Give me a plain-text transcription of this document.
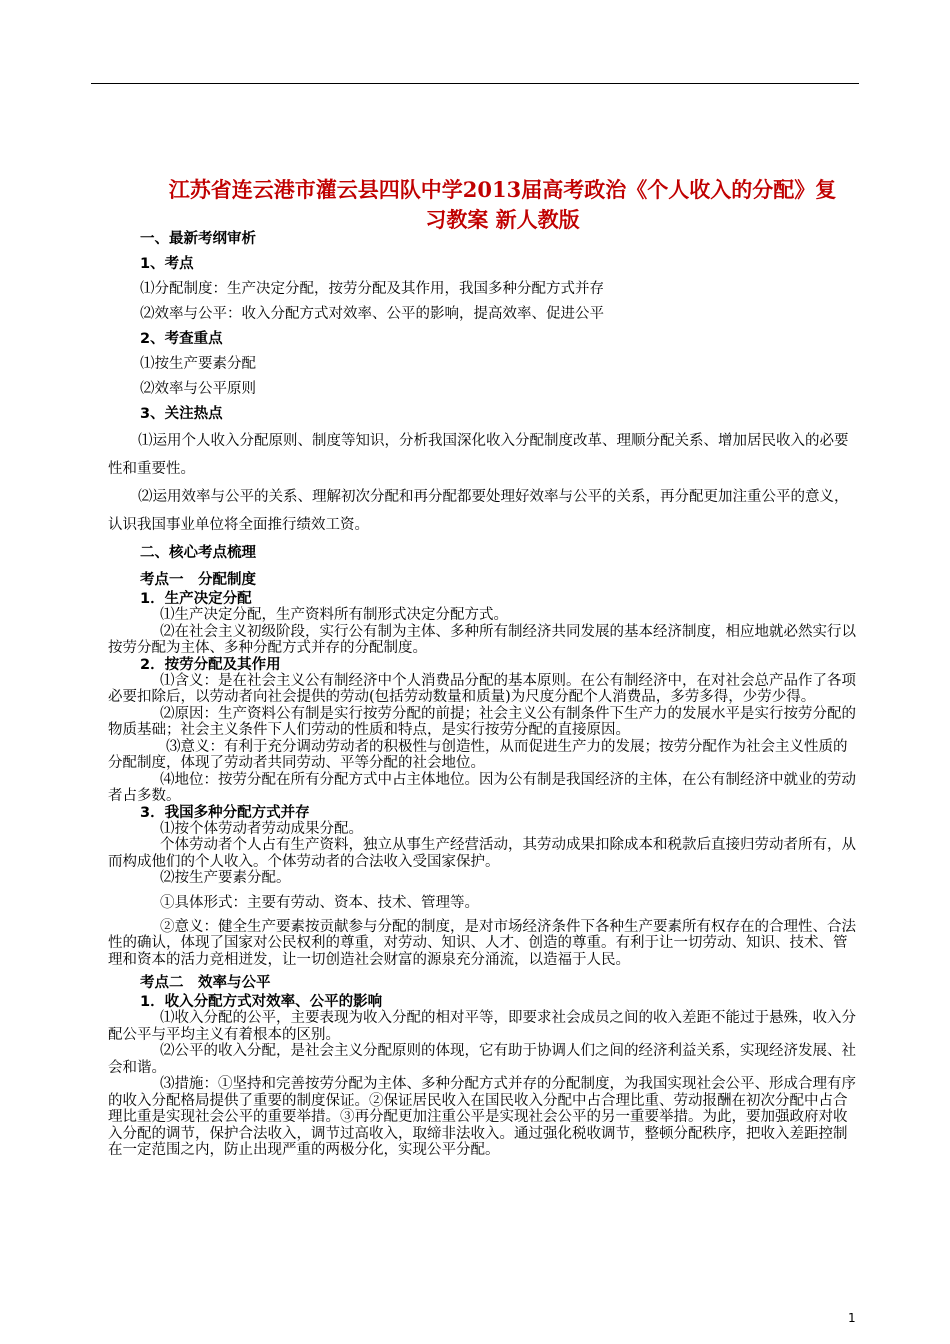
江苏省连云港市灌云县四队中学2013届高考政治《个人收入的分配》复
习教案 新人教版

一、最新考纲审析

1、考点

⑴分配制度：生产决定分配，按劳分配及其作用，我国多种分配方式并存

⑵效率与公平：收入分配方式对效率、公平的影响，提高效率、促进公平

2、考查重点

⑴按生产要素分配

⑵效率与公平原则

3、关注热点

⑴运用个人收入分配原则、制度等知识，分析我国深化收入分配制度改革、理顺分配关系、增加居民收入的必要性和重要性。

⑵运用效率与公平的关系、理解初次分配和再分配都要处理好效率与公平的关系，再分配更加注重公平的意义，认识我国事业单位将全面推行绩效工资。

二、核心考点梳理

考点一　分配制度

1．生产决定分配

⑴生产决定分配，生产资料所有制形式决定分配方式。

⑵在社会主义初级阶段，实行公有制为主体、多种所有制经济共同发展的基本经济制度，相应地就必然实行以按劳分配为主体、多种分配方式并存的分配制度。

2．按劳分配及其作用

⑴含义：是在社会主义公有制经济中个人消费品分配的基本原则。在公有制经济中，在对社会总产品作了各项必要扣除后，以劳动者向社会提供的劳动(包括劳动数量和质量)为尺度分配个人消费品，多劳多得，少劳少得。

⑵原因：生产资料公有制是实行按劳分配的前提；社会主义公有制条件下生产力的发展水平是实行按劳分配的物质基础；社会主义条件下人们劳动的性质和特点，是实行按劳分配的直接原因。

⑶意义：有利于充分调动劳动者的积极性与创造性，从而促进生产力的发展；按劳分配作为社会主义性质的分配制度，体现了劳动者共同劳动、平等分配的社会地位。

⑷地位：按劳分配在所有分配方式中占主体地位。因为公有制是我国经济的主体，在公有制经济中就业的劳动者占多数。

3．我国多种分配方式并存

⑴按个体劳动者劳动成果分配。

个体劳动者个人占有生产资料，独立从事生产经营活动，其劳动成果扣除成本和税款后直接归劳动者所有，从而构成他们的个人收入。个体劳动者的合法收入受国家保护。

⑵按生产要素分配。

①具体形式：主要有劳动、资本、技术、管理等。

②意义：健全生产要素按贡献参与分配的制度，是对市场经济条件下各种生产要素所有权存在的合理性、合法性的确认，体现了国家对公民权利的尊重，对劳动、知识、人才、创造的尊重。有利于让一切劳动、知识、技术、管理和资本的活力竞相迸发，让一切创造社会财富的源泉充分涌流，以造福于人民。

考点二　效率与公平

1．收入分配方式对效率、公平的影响

⑴收入分配的公平，主要表现为收入分配的相对平等，即要求社会成员之间的收入差距不能过于悬殊，收入分配公平与平均主义有着根本的区别。

⑵公平的收入分配，是社会主义分配原则的体现，它有助于协调人们之间的经济利益关系，实现经济发展、社会和谐。

⑶措施：①坚持和完善按劳分配为主体、多种分配方式并存的分配制度，为我国实现社会公平、形成合理有序的收入分配格局提供了重要的制度保证。②保证居民收入在国民收入分配中占合理比重、劳动报酬在初次分配中占合理比重是实现社会公平的重要举措。③再分配更加注重公平是实现社会公平的另一重要举措。为此，要加强政府对收入分配的调节，保护合法收入，调节过高收入，取缔非法收入。通过强化税收调节，整顿分配秩序，把收入差距控制在一定范围之内，防止出现严重的两极分化，实现公平分配。

1
